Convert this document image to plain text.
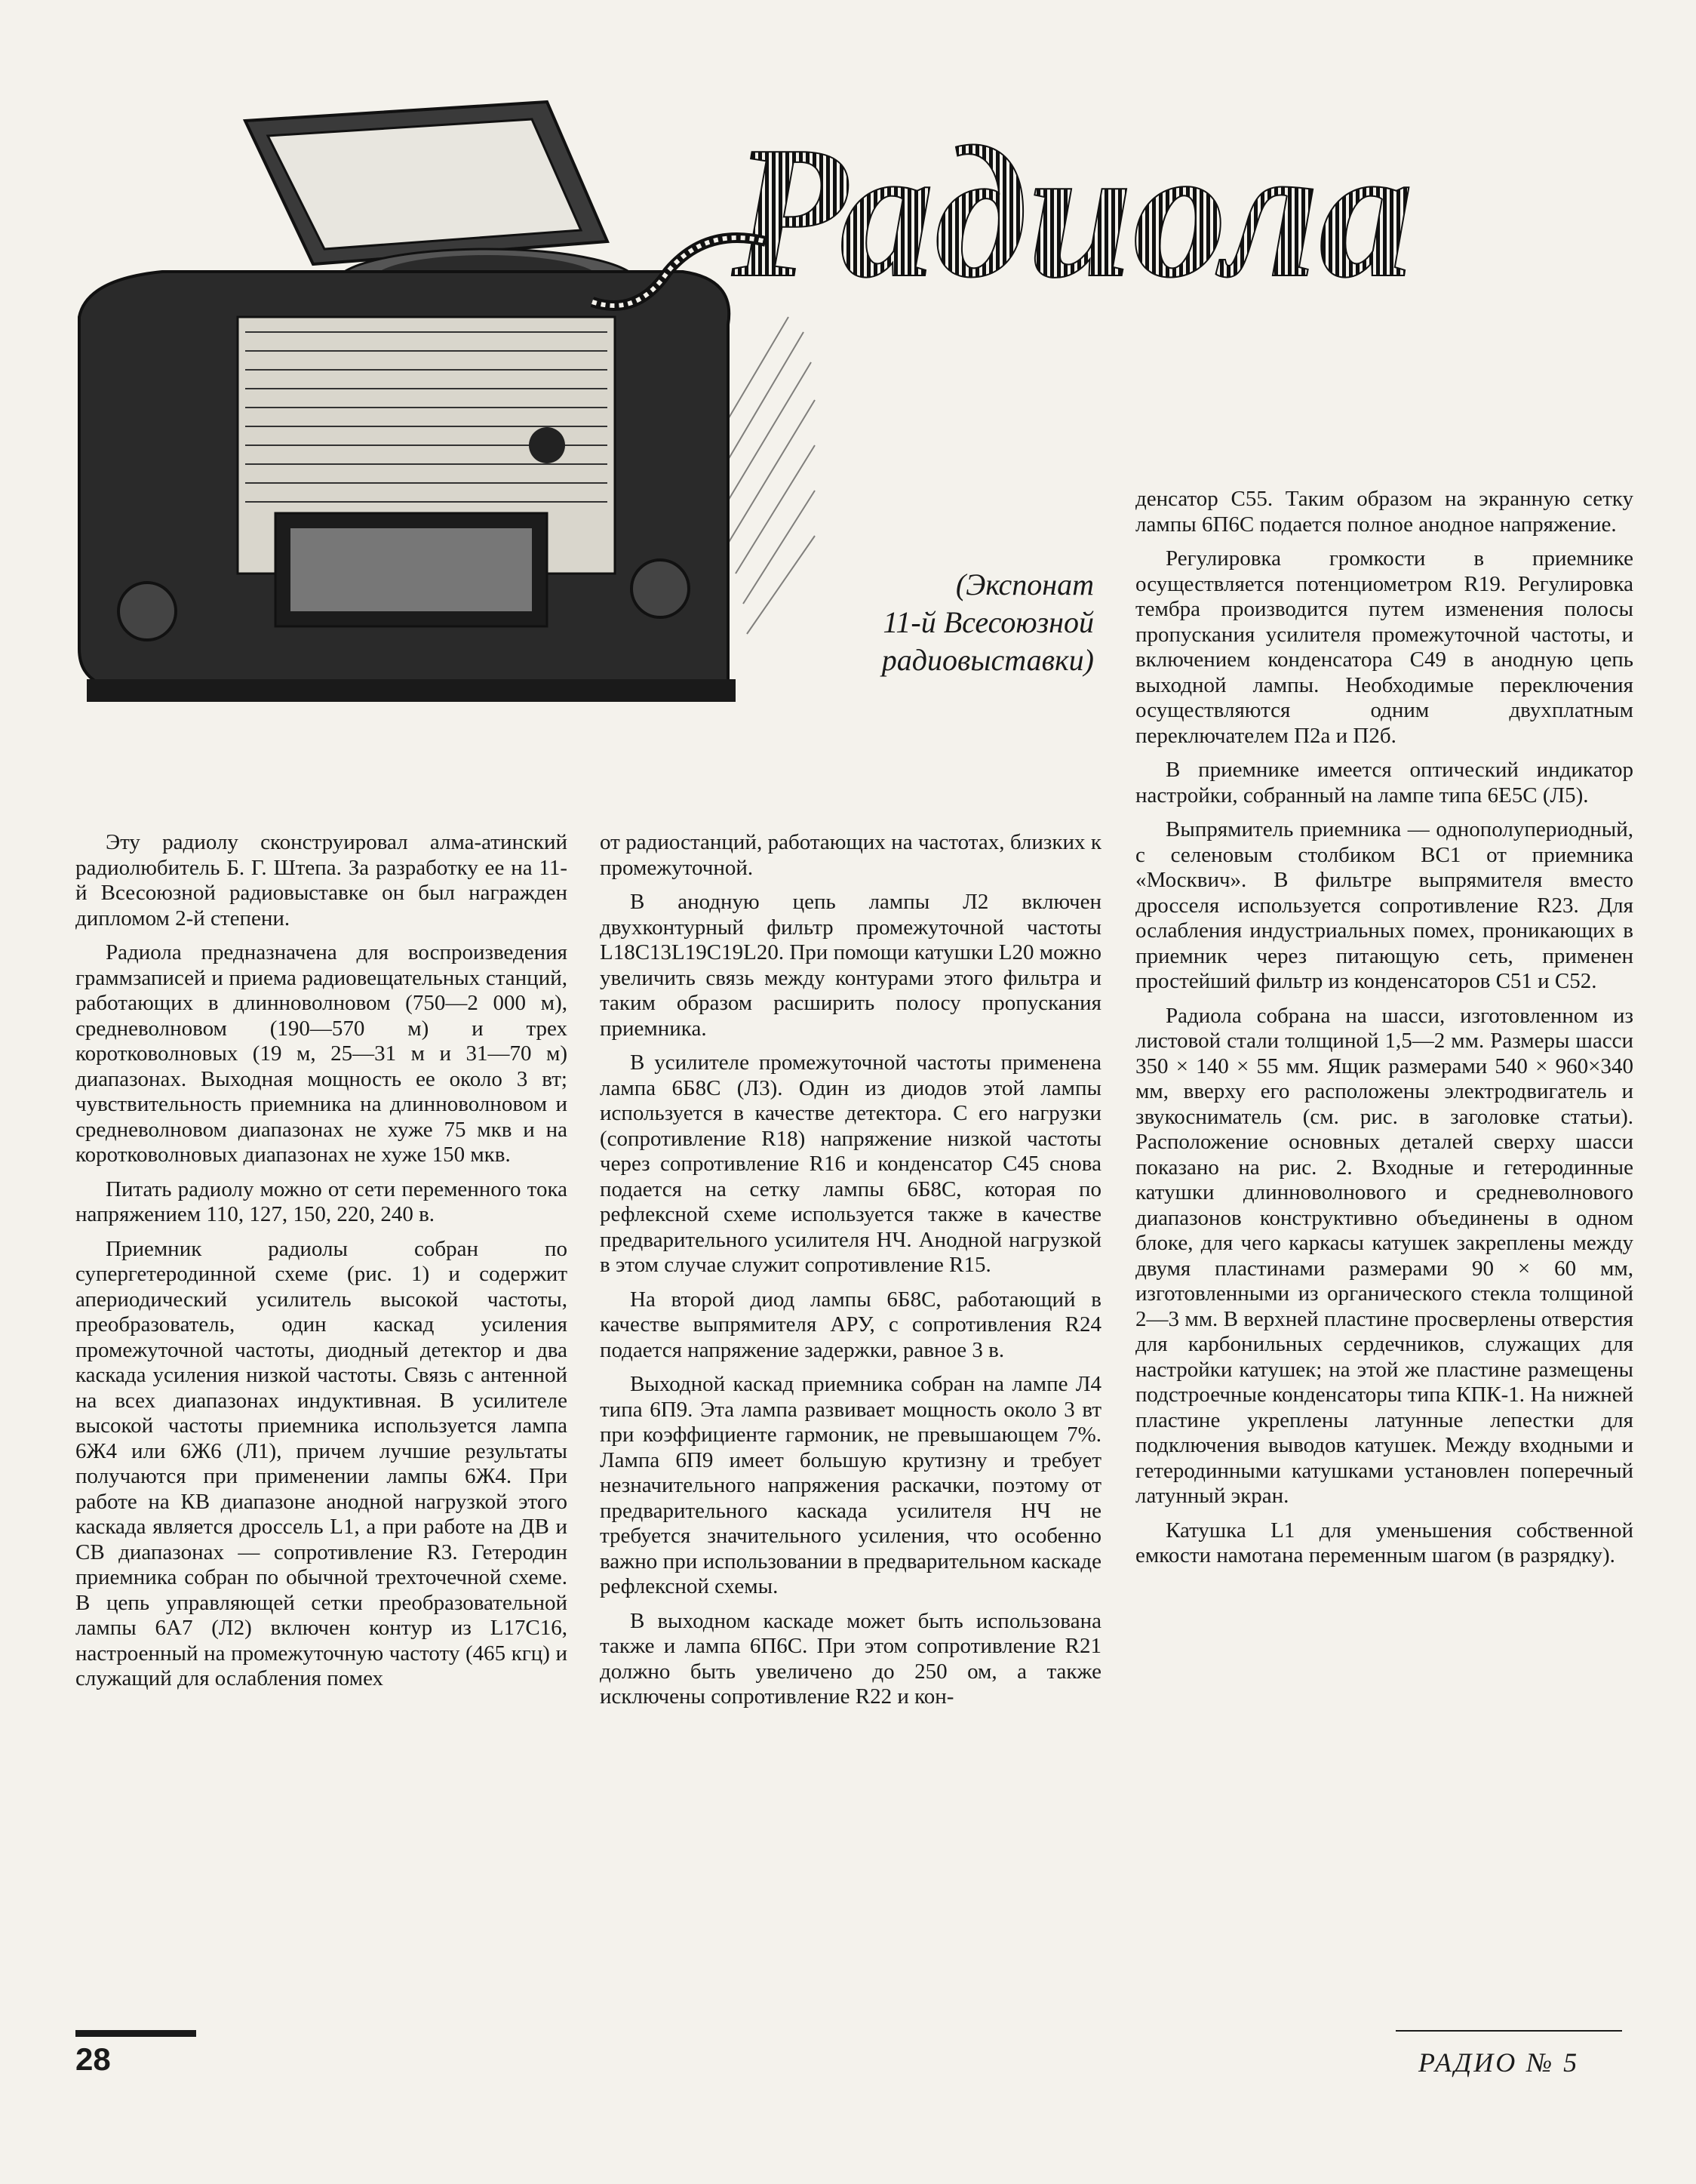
Радиола
(Экспонат
11-й Всесоюзной
радиовыставки)

Эту радиолу сконструировал алма-атинский радиолюбитель Б. Г. Штепа. За разработку ее на 11-й Всесоюзной радиовыставке он был награжден дипломом 2-й степени.

Радиола предназначена для воспроизведения граммзаписей и приема радиовещательных станций, работающих в длинноволновом (750—2 000 м), средневолновом (190—570 м) и трех коротковолновых (19 м, 25—31 м и 31—70 м) диапазонах. Выходная мощность ее около 3 вт; чувствительность приемника на длинноволновом и средневолновом диапазонах не хуже 75 мкв и на коротковолновых диапазонах не хуже 150 мкв.

Питать радиолу можно от сети переменного тока напряжением 110, 127, 150, 220, 240 в.

Приемник радиолы собран по супергетеродинной схеме (рис. 1) и содержит апериодический усилитель высокой частоты, преобразователь, один каскад усиления промежуточной частоты, диодный детектор и два каскада усиления низкой частоты. Связь с антенной на всех диапазонах индуктивная. В усилителе высокой частоты приемника используется лампа 6Ж4 или 6Ж6 (Л1), причем лучшие результаты получаются при применении лампы 6Ж4. При работе на КВ диапазоне анодной нагрузкой этого каскада является дроссель L1, а при работе на ДВ и СВ диапазонах — сопротивление R3. Гетеродин приемника собран по обычной трехточечной схеме. В цепь управляющей сетки преобразовательной лампы 6А7 (Л2) включен контур из L17C16, настроенный на промежуточную частоту (465 кгц) и служащий для ослабления помех

от радиостанций, работающих на частотах, близких к промежуточной.

В анодную цепь лампы Л2 включен двухконтурный фильтр промежуточной частоты L18C13L19C19L20. При помощи катушки L20 можно увеличить связь между контурами этого фильтра и таким образом расширить полосу пропускания приемника.

В усилителе промежуточной частоты применена лампа 6Б8С (Л3). Один из диодов этой лампы используется в качестве детектора. С его нагрузки (сопротивление R18) напряжение низкой частоты через сопротивление R16 и конденсатор C45 снова подается на сетку лампы 6Б8С, которая по рефлексной схеме используется также в качестве предварительного усилителя НЧ. Анодной нагрузкой в этом случае служит сопротивление R15.

На второй диод лампы 6Б8С, работающий в качестве выпрямителя АРУ, с сопротивления R24 подается напряжение задержки, равное 3 в.

Выходной каскад приемника собран на лампе Л4 типа 6П9. Эта лампа развивает мощность около 3 вт при коэффициенте гармоник, не превышающем 7%. Лампа 6П9 имеет большую крутизну и требует незначительного напряжения раскачки, поэтому от предварительного каскада усилителя НЧ не требуется значительного усиления, что особенно важно при использовании в предварительном каскаде рефлексной схемы.

В выходном каскаде может быть использована также и лампа 6П6С. При этом сопротивление R21 должно быть увеличено до 250 ом, а также исключены сопротивление R22 и кон-

денсатор C55. Таким образом на экранную сетку лампы 6П6С подается полное анодное напряжение.

Регулировка громкости в приемнике осуществляется потенциометром R19. Регулировка тембра производится путем изменения полосы пропускания усилителя промежуточной частоты, и включением конденсатора C49 в анодную цепь выходной лампы. Необходимые переключения осуществляются одним двухплатным переключателем П2а и П2б.

В приемнике имеется оптический индикатор настройки, собранный на лампе типа 6Е5С (Л5).

Выпрямитель приемника — однополупериодный, с селеновым столбиком ВС1 от приемника «Москвич». В фильтре выпрямителя вместо дросселя используется сопротивление R23. Для ослабления индустриальных помех, проникающих в приемник через питающую сеть, применен простейший фильтр из конденсаторов C51 и C52.

Радиола собрана на шасси, изготовленном из листовой стали толщиной 1,5—2 мм. Размеры шасси 350 × 140 × 55 мм. Ящик размерами 540 × 960×340 мм, вверху его расположены электродвигатель и звукосниматель (см. рис. в заголовке статьи). Расположение основных деталей сверху шасси показано на рис. 2. Входные и гетеродинные катушки длинноволнового и средневолнового диапазонов конструктивно объединены в одном блоке, для чего каркасы катушек закреплены между двумя пластинами размерами 90 × 60 мм, изготовленными из органического стекла толщиной 2—3 мм. В верхней пластине просверлены отверстия для карбонильных сердечников, служащих для настройки катушек; на этой же пластине размещены подстроечные конденсаторы типа КПК-1. На нижней пластине укреплены латунные лепестки для подключения выводов катушек. Между входными и гетеродинными катушками установлен поперечный латунный экран.

Катушка L1 для уменьшения собственной емкости намотана переменным шагом (в разрядку).

28	РАДИО № 5
